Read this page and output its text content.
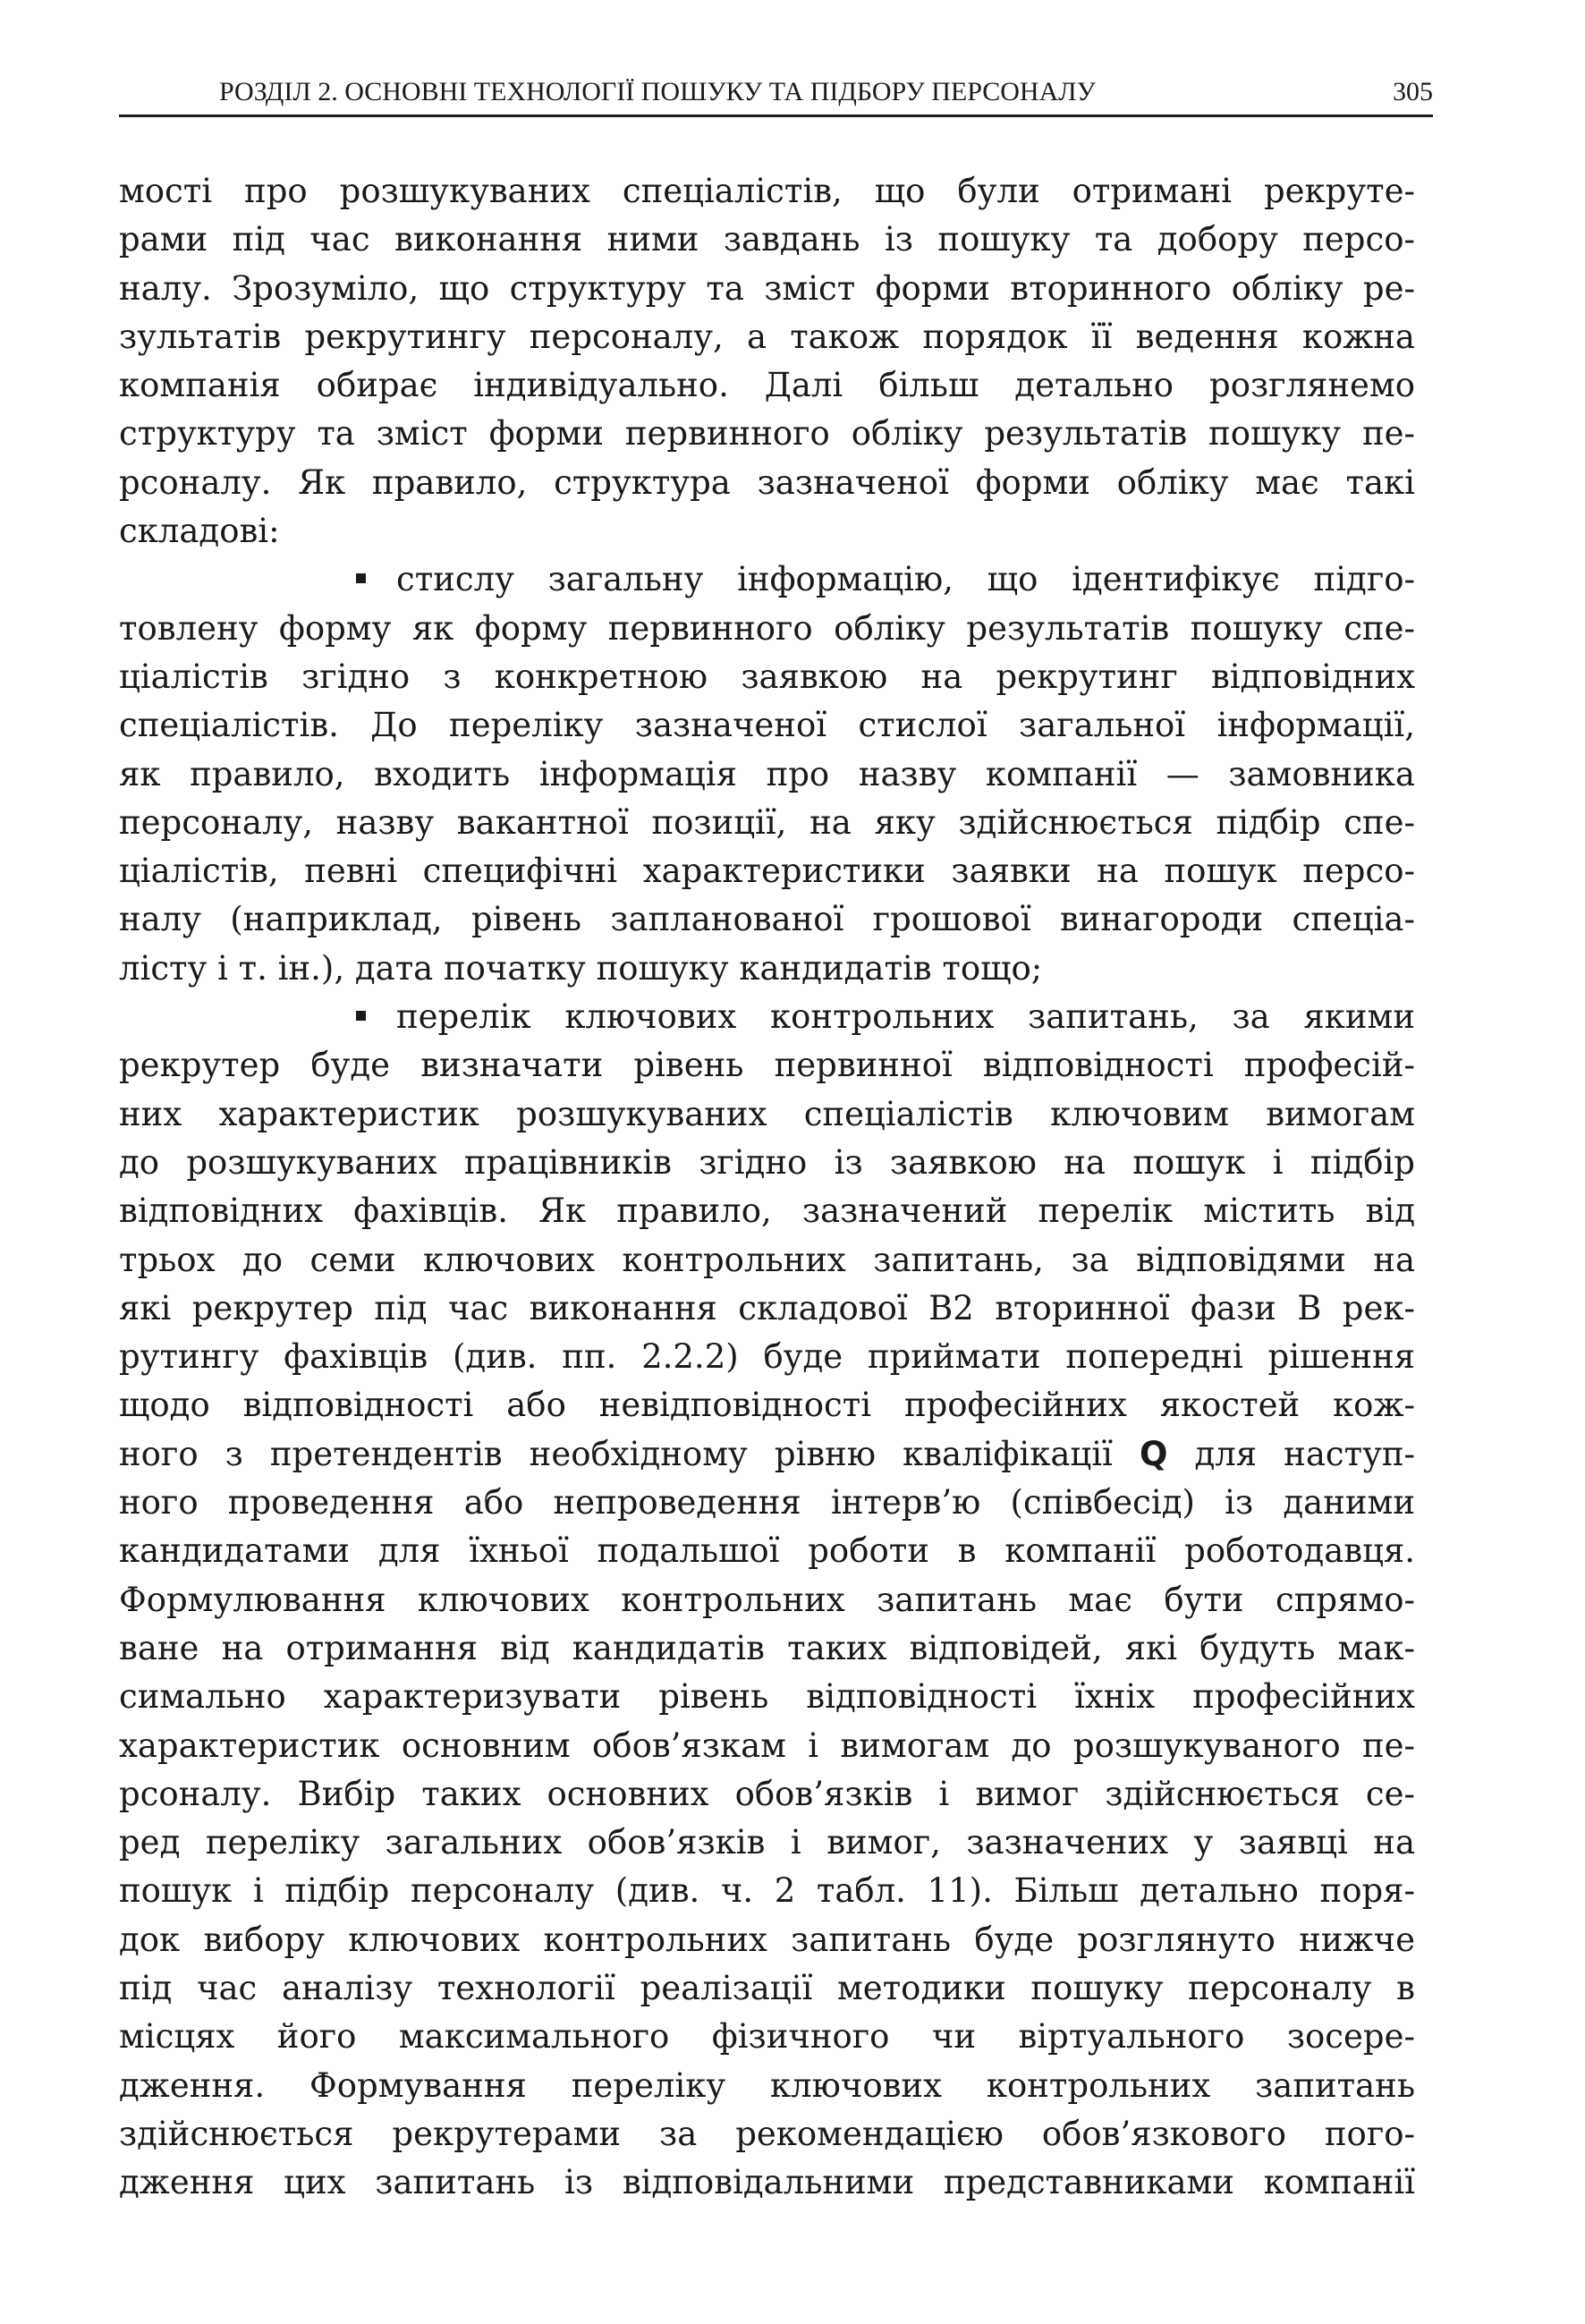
РОЗДІЛ 2. ОСНОВНІ ТЕХНОЛОГІЇ ПОШУКУ ТА ПІДБОРУ ПЕРСОНАЛУ	305
мості про розшукуваних спеціалістів, що були отримані рекруте-
рами під час виконання ними завдань із пошуку та добору персо-
налу. Зрозуміло, що структуру та зміст форми вторинного обліку ре-
зультатів рекрутингу персоналу, а також порядок її ведення кожна
компанія обирає індивідуально. Далі більш детально розглянемо
структуру та зміст форми первинного обліку результатів пошуку пе-
рсоналу. Як правило, структура зазначеної форми обліку має такі
складові:
стислу загальну інформацію, що ідентифікує підго-
товлену форму як форму первинного обліку результатів пошуку спе-
ціалістів згідно з конкретною заявкою на рекрутинг відповідних
спеціалістів. До переліку зазначеної стислої загальної інформації,
як правило, входить інформація про назву компанії — замовника
персоналу, назву вакантної позиції, на яку здійснюється підбір спе-
ціалістів, певні специфічні характеристики заявки на пошук персо-
налу (наприклад, рівень запланованої грошової винагороди спеціа-
лісту і т. ін.), дата початку пошуку кандидатів тощо;
перелік ключових контрольних запитань, за якими
рекрутер буде визначати рівень первинної відповідності професій-
них характеристик розшукуваних спеціалістів ключовим вимогам
до розшукуваних працівників згідно із заявкою на пошук і підбір
відповідних фахівців. Як правило, зазначений перелік містить від
трьох до семи ключових контрольних запитань, за відповідями на
які рекрутер під час виконання складової В2 вторинної фази В рек-
рутингу фахівців (див. пп. 2.2.2) буде приймати попередні рішення
щодо відповідності або невідповідності професійних якостей кож-
ного з претендентів необхідному рівню кваліфікації Q для наступ-
ного проведення або непроведення інтерв’ю (співбесід) із даними
кандидатами для їхньої подальшої роботи в компанії роботодавця.
Формулювання ключових контрольних запитань має бути спрямо-
ване на отримання від кандидатів таких відповідей, які будуть мак-
симально характеризувати рівень відповідності їхніх професійних
характеристик основним обов’язкам і вимогам до розшукуваного пе-
рсоналу. Вибір таких основних обов’язків і вимог здійснюється се-
ред переліку загальних обов’язків і вимог, зазначених у заявці на
пошук і підбір персоналу (див. ч. 2 табл. 11). Більш детально поря-
док вибору ключових контрольних запитань буде розглянуто нижче
під час аналізу технології реалізації методики пошуку персоналу в
місцях його максимального фізичного чи віртуального зосере-
дження. Формування переліку ключових контрольних запитань
здійснюється рекрутерами за рекомендацією обов’язкового пого-
дження цих запитань із відповідальними представниками компанії
